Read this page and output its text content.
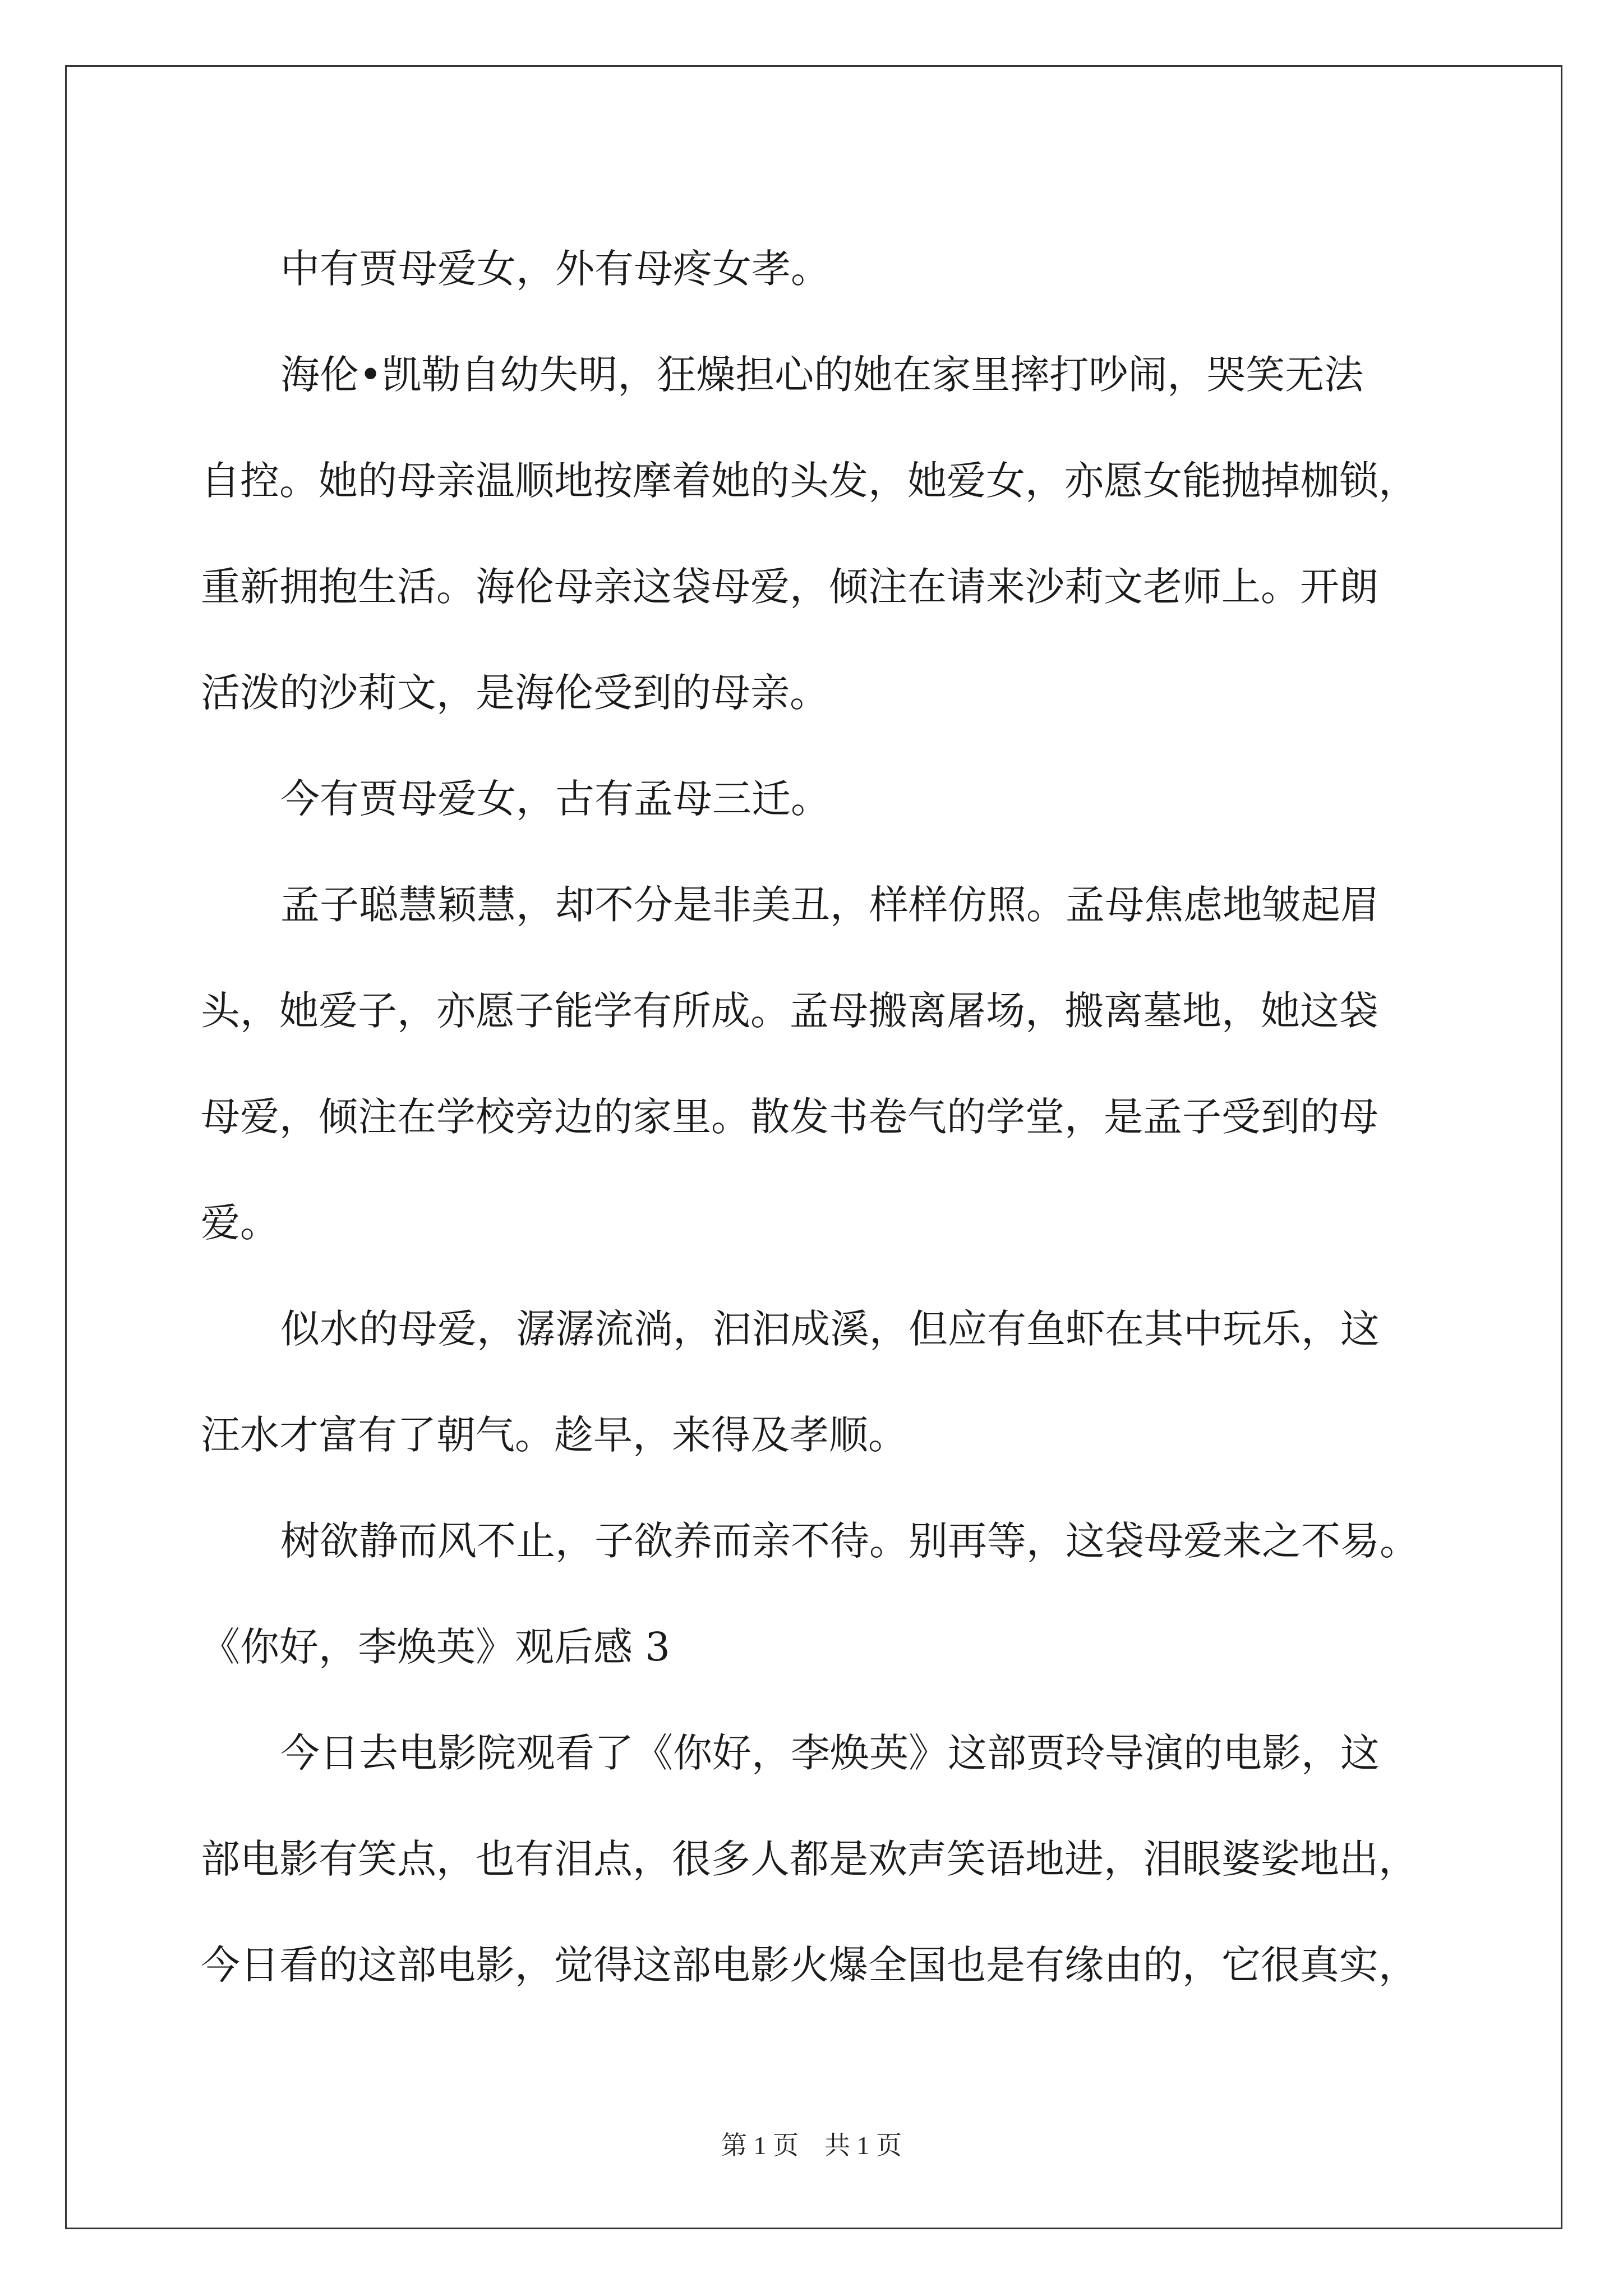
中有贾母爱女，外有母疼女孝。
海伦•凯勒自幼失明，狂燥担心的她在家里摔打吵闹，哭笑无法
自控。她的母亲温顺地按摩着她的头发，她爱女，亦愿女能抛掉枷锁，
重新拥抱生活。海伦母亲这袋母爱，倾注在请来沙莉文老师上。开朗
活泼的沙莉文，是海伦受到的母亲。
今有贾母爱女，古有孟母三迁。
孟子聪慧颖慧，却不分是非美丑，样样仿照。孟母焦虑地皱起眉
头，她爱子，亦愿子能学有所成。孟母搬离屠场，搬离墓地，她这袋
母爱，倾注在学校旁边的家里。散发书卷气的学堂，是孟子受到的母
爱。
似水的母爱，潺潺流淌，汩汩成溪，但应有鱼虾在其中玩乐，这
汪水才富有了朝气。趁早，来得及孝顺。
树欲静而风不止，子欲养而亲不待。别再等，这袋母爱来之不易。
《你好，李焕英》观后感 3
今日去电影院观看了《你好，李焕英》这部贾玲导演的电影，这
部电影有笑点，也有泪点，很多人都是欢声笑语地进，泪眼婆娑地出，
今日看的这部电影，觉得这部电影火爆全国也是有缘由的，它很真实，
第 1 页　共 1 页
